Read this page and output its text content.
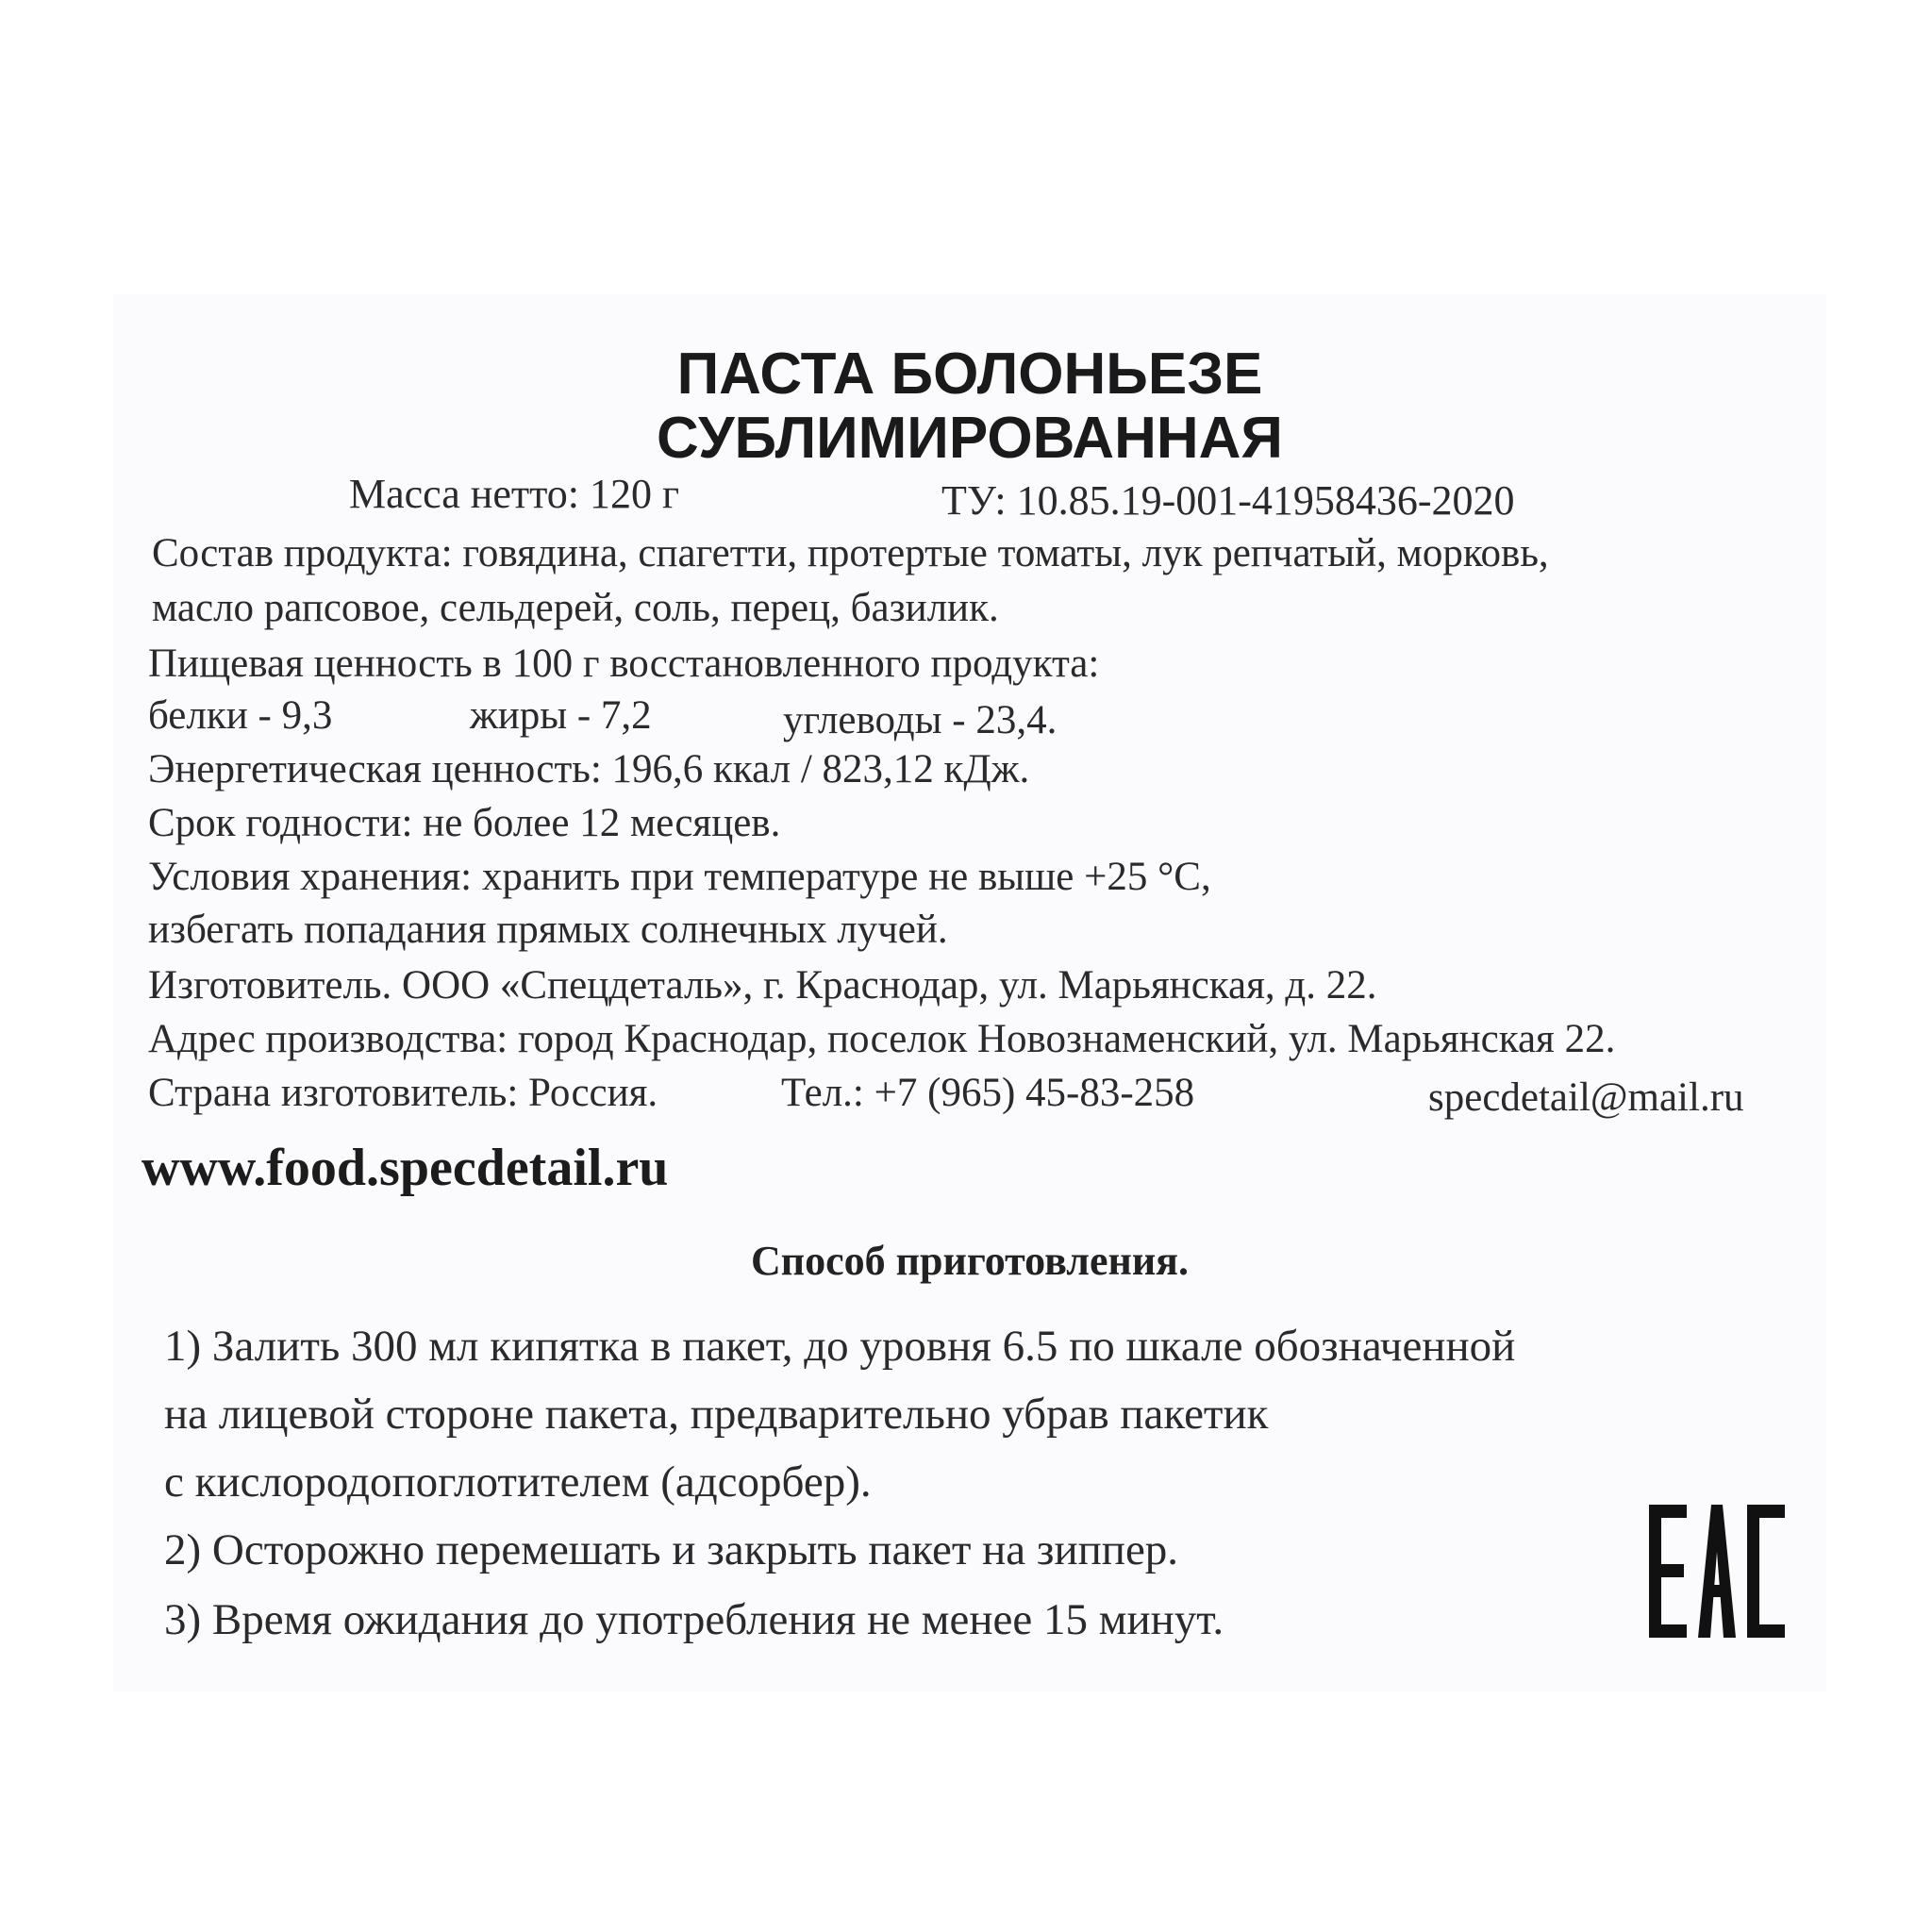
ПАСТА БОЛОНЬЕЗЕ
СУБЛИМИРОВАННАЯ
Масса нетто: 120 г	ТУ: 10.85.19-001-41958436-2020
Состав продукта: говядина, спагетти, протертые томаты, лук репчатый, морковь,
масло рапсовое, сельдерей, соль, перец, базилик.
Пищевая ценность в 100 г восстановленного продукта:
белки - 9,3	жиры - 7,2	углеводы - 23,4.
Энергетическая ценность: 196,6 ккал / 823,12 кДж.
Срок годности: не более 12 месяцев.
Условия хранения: хранить при температуре не выше +25 °С,
избегать попадания прямых солнечных лучей.
Изготовитель. ООО «Спецдеталь», г. Краснодар, ул. Марьянская, д. 22.
Адрес производства: город Краснодар, поселок Новознаменский, ул. Марьянская 22.
Страна изготовитель: Россия.	Тел.: +7 (965) 45-83-258	specdetail@mail.ru
www.food.specdetail.ru
Способ приготовления.
1) Залить 300 мл кипятка в пакет, до уровня 6.5 по шкале обозначенной
на лицевой стороне пакета, предварительно убрав пакетик
с кислородопоглотителем (адсорбер).
2) Осторожно перемешать и закрыть пакет на зиппер.
3) Время ожидания до употребления не менее 15 минут.
